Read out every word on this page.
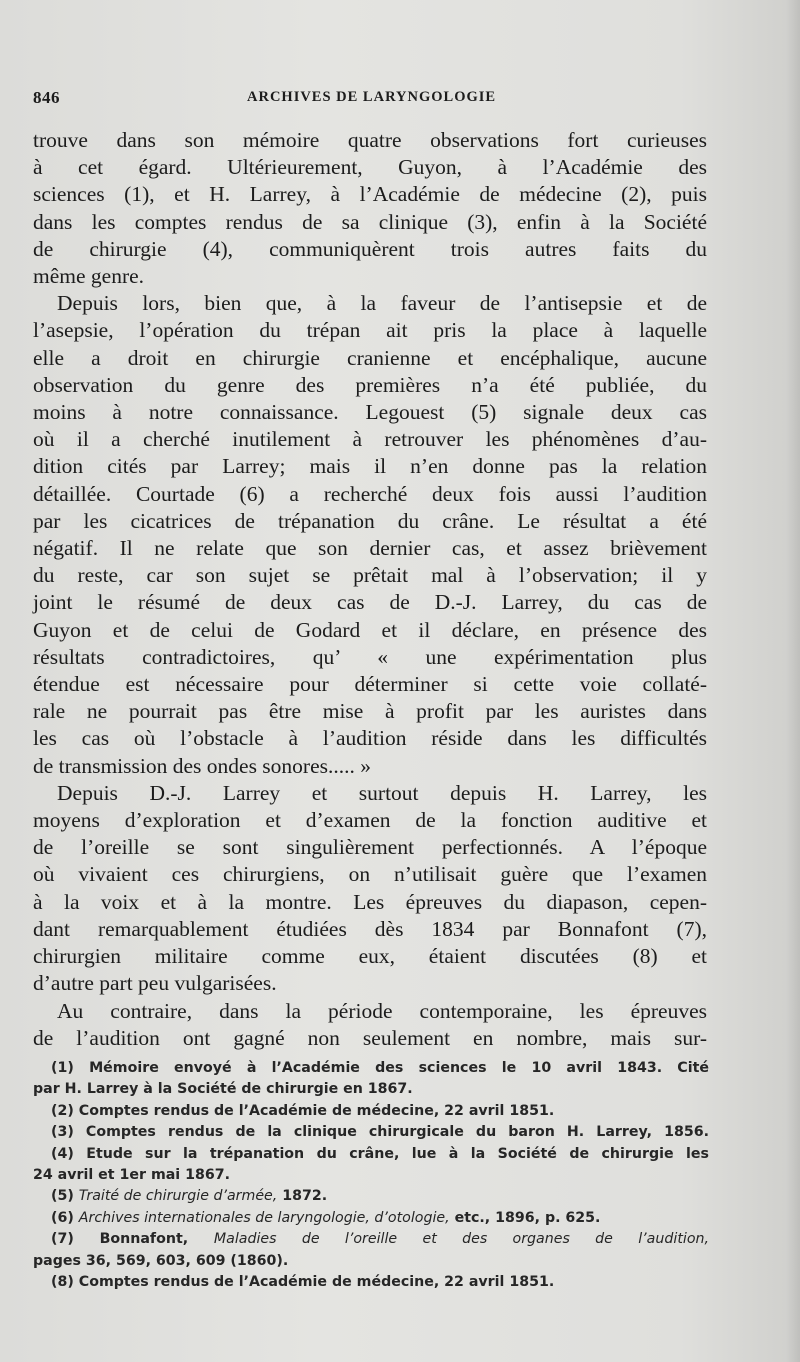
846	ARCHIVES DE LARYNGOLOGIE
trouve dans son mémoire quatre observations fort curieuses
à cet égard. Ultérieurement, Guyon, à l’Académie des
sciences (1), et H. Larrey, à l’Académie de médecine (2), puis
dans les comptes rendus de sa clinique (3), enfin à la Société
de chirurgie (4), communiquèrent trois autres faits du
même genre.
Depuis lors, bien que, à la faveur de l’antisepsie et de
l’asepsie, l’opération du trépan ait pris la place à laquelle
elle a droit en chirurgie cranienne et encéphalique, aucune
observation du genre des premières n’a été publiée, du
moins à notre connaissance. Legouest (5) signale deux cas
où il a cherché inutilement à retrouver les phénomènes d’au-
dition cités par Larrey; mais il n’en donne pas la relation
détaillée. Courtade (6) a recherché deux fois aussi l’audition
par les cicatrices de trépanation du crâne. Le résultat a été
négatif. Il ne relate que son dernier cas, et assez brièvement
du reste, car son sujet se prêtait mal à l’observation; il y
joint le résumé de deux cas de D.-J. Larrey, du cas de
Guyon et de celui de Godard et il déclare, en présence des
résultats contradictoires, qu’ « une expérimentation plus
étendue est nécessaire pour déterminer si cette voie collaté-
rale ne pourrait pas être mise à profit par les auristes dans
les cas où l’obstacle à l’audition réside dans les difficultés
de transmission des ondes sonores..... »
Depuis D.-J. Larrey et surtout depuis H. Larrey, les
moyens d’exploration et d’examen de la fonction auditive et
de l’oreille se sont singulièrement perfectionnés. A l’époque
où vivaient ces chirurgiens, on n’utilisait guère que l’examen
à la voix et à la montre. Les épreuves du diapason, cepen-
dant remarquablement étudiées dès 1834 par Bonnafont (7),
chirurgien militaire comme eux, étaient discutées (8) et
d’autre part peu vulgarisées.
Au contraire, dans la période contemporaine, les épreuves
de l’audition ont gagné non seulement en nombre, mais sur-
(1) Mémoire envoyé à l’Académie des sciences le 10 avril 1843. Cité
par H. Larrey à la Société de chirurgie en 1867.
(2) Comptes rendus de l’Académie de médecine, 22 avril 1851.
(3) Comptes rendus de la clinique chirurgicale du baron H. Larrey, 1856.
(4) Etude sur la trépanation du crâne, lue à la Société de chirurgie les
24 avril et 1er mai 1867.
(5) Traité de chirurgie d’armée, 1872.
(6) Archives internationales de laryngologie, d’otologie, etc., 1896, p. 625.
(7) Bonnafont, Maladies de l’oreille et des organes de l’audition,
pages 36, 569, 603, 609 (1860).
(8) Comptes rendus de l’Académie de médecine, 22 avril 1851.
